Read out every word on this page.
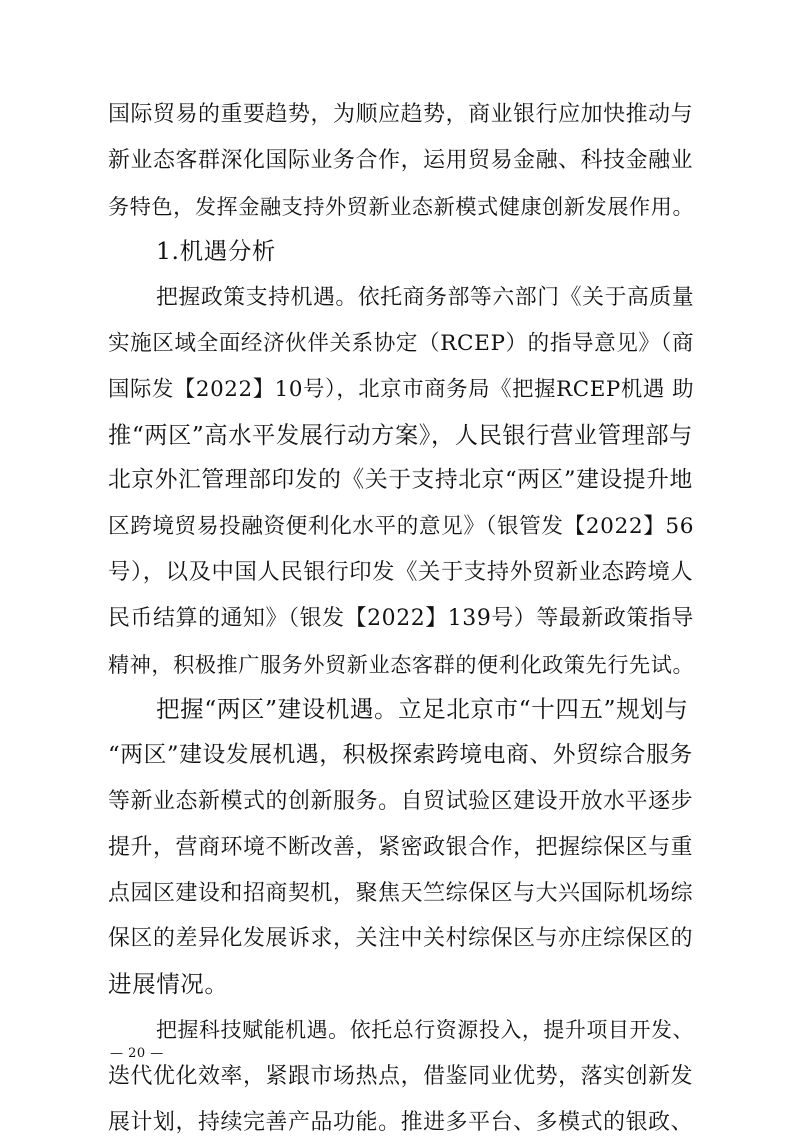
国际贸易的重要趋势，为顺应趋势，商业银行应加快推动与
新业态客群深化国际业务合作，运用贸易金融、科技金融业
务特色，发挥金融支持外贸新业态新模式健康创新发展作用。
1.机遇分析
把握政策支持机遇。依托商务部等六部门《关于高质量
实施区域全面经济伙伴关系协定（RCEP）的指导意见》（商
国际发【2022】10号），北京市商务局《把握RCEP机遇 助
推“两区”高水平发展行动方案》，人民银行营业管理部与
北京外汇管理部印发的《关于支持北京“两区”建设提升地
区跨境贸易投融资便利化水平的意见》（银管发【2022】56
号），以及中国人民银行印发《关于支持外贸新业态跨境人
民币结算的通知》（银发【2022】139号）等最新政策指导
精神，积极推广服务外贸新业态客群的便利化政策先行先试。
把握“两区”建设机遇。立足北京市“十四五”规划与
“两区”建设发展机遇，积极探索跨境电商、外贸综合服务
等新业态新模式的创新服务。自贸试验区建设开放水平逐步
提升，营商环境不断改善，紧密政银合作，把握综保区与重
点园区建设和招商契机，聚焦天竺综保区与大兴国际机场综
保区的差异化发展诉求，关注中关村综保区与亦庄综保区的
进展情况。
把握科技赋能机遇。依托总行资源投入，提升项目开发、
迭代优化效率，紧跟市场热点，借鉴同业优势，落实创新发
展计划，持续完善产品功能。推进多平台、多模式的银政、
— 20 —
